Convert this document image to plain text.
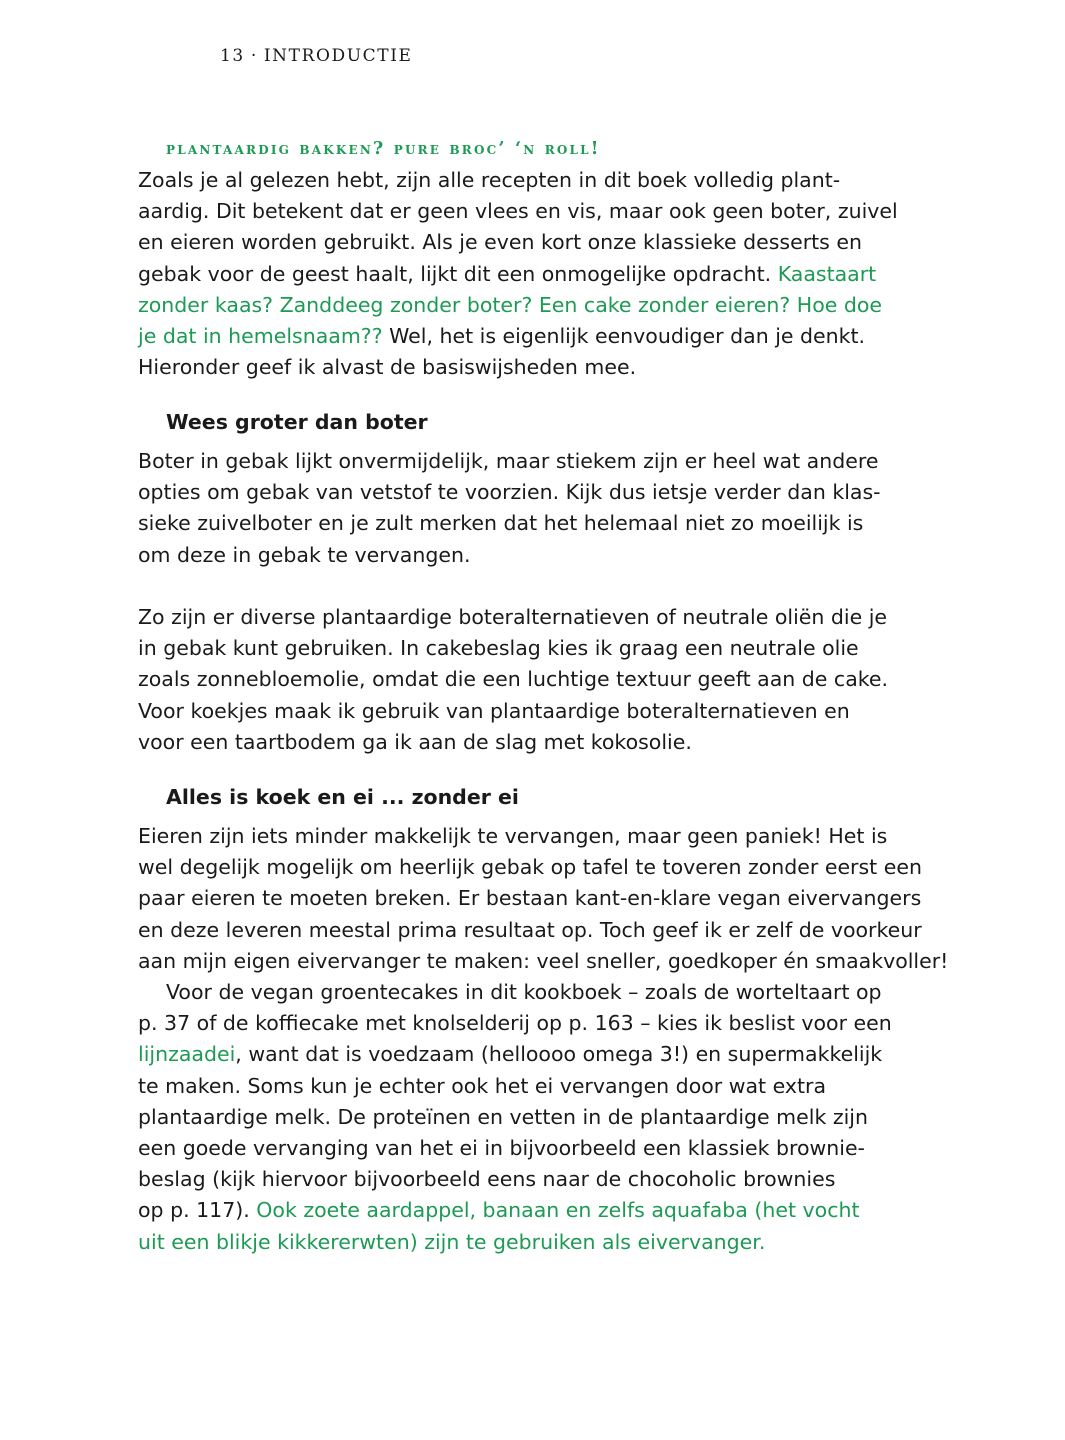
13 · INTRODUCTIE
plantaardig bakken? pure broc’ ‘n roll!
Zoals je al gelezen hebt, zijn alle recepten in dit boek volledig plant-
aardig. Dit betekent dat er geen vlees en vis, maar ook geen boter, zuivel
en eieren worden gebruikt. Als je even kort onze klassieke desserts en
gebak voor de geest haalt, lijkt dit een onmogelijke opdracht. Kaastaart
zonder kaas? Zanddeeg zonder boter? Een cake zonder eieren? Hoe doe
je dat in hemelsnaam?? Wel, het is eigenlijk eenvoudiger dan je denkt.
Hieronder geef ik alvast de basiswijsheden mee.
Wees groter dan boter
Boter in gebak lijkt onvermijdelijk, maar stiekem zijn er heel wat andere
opties om gebak van vetstof te voorzien. Kijk dus ietsje verder dan klas-
sieke zuivelboter en je zult merken dat het helemaal niet zo moeilijk is
om deze in gebak te vervangen.
Zo zijn er diverse plantaardige boteralternatieven of neutrale oliën die je
in gebak kunt gebruiken. In cakebeslag kies ik graag een neutrale olie
zoals zonnebloemolie, omdat die een luchtige textuur geeft aan de cake.
Voor koekjes maak ik gebruik van plantaardige boteralternatieven en
voor een taartbodem ga ik aan de slag met kokosolie.
Alles is koek en ei ... zonder ei
Eieren zijn iets minder makkelijk te vervangen, maar geen paniek! Het is
wel degelijk mogelijk om heerlijk gebak op tafel te toveren zonder eerst een
paar eieren te moeten breken. Er bestaan kant-en-klare vegan eivervangers
en deze leveren meestal prima resultaat op. Toch geef ik er zelf de voorkeur
aan mijn eigen eivervanger te maken: veel sneller, goedkoper én smaakvoller!
Voor de vegan groentecakes in dit kookboek – zoals de worteltaart op
p. 37 of de koffiecake met knolselderij op p. 163 – kies ik beslist voor een
lijnzaadei, want dat is voedzaam (helloooo omega 3!) en supermakkelijk
te maken. Soms kun je echter ook het ei vervangen door wat extra
plantaardige melk. De proteïnen en vetten in de plantaardige melk zijn
een goede vervanging van het ei in bijvoorbeeld een klassiek brownie-
beslag (kijk hiervoor bijvoorbeeld eens naar de chocoholic brownies
op p. 117). Ook zoete aardappel, banaan en zelfs aquafaba (het vocht
uit een blikje kikkererwten) zijn te gebruiken als eivervanger.
